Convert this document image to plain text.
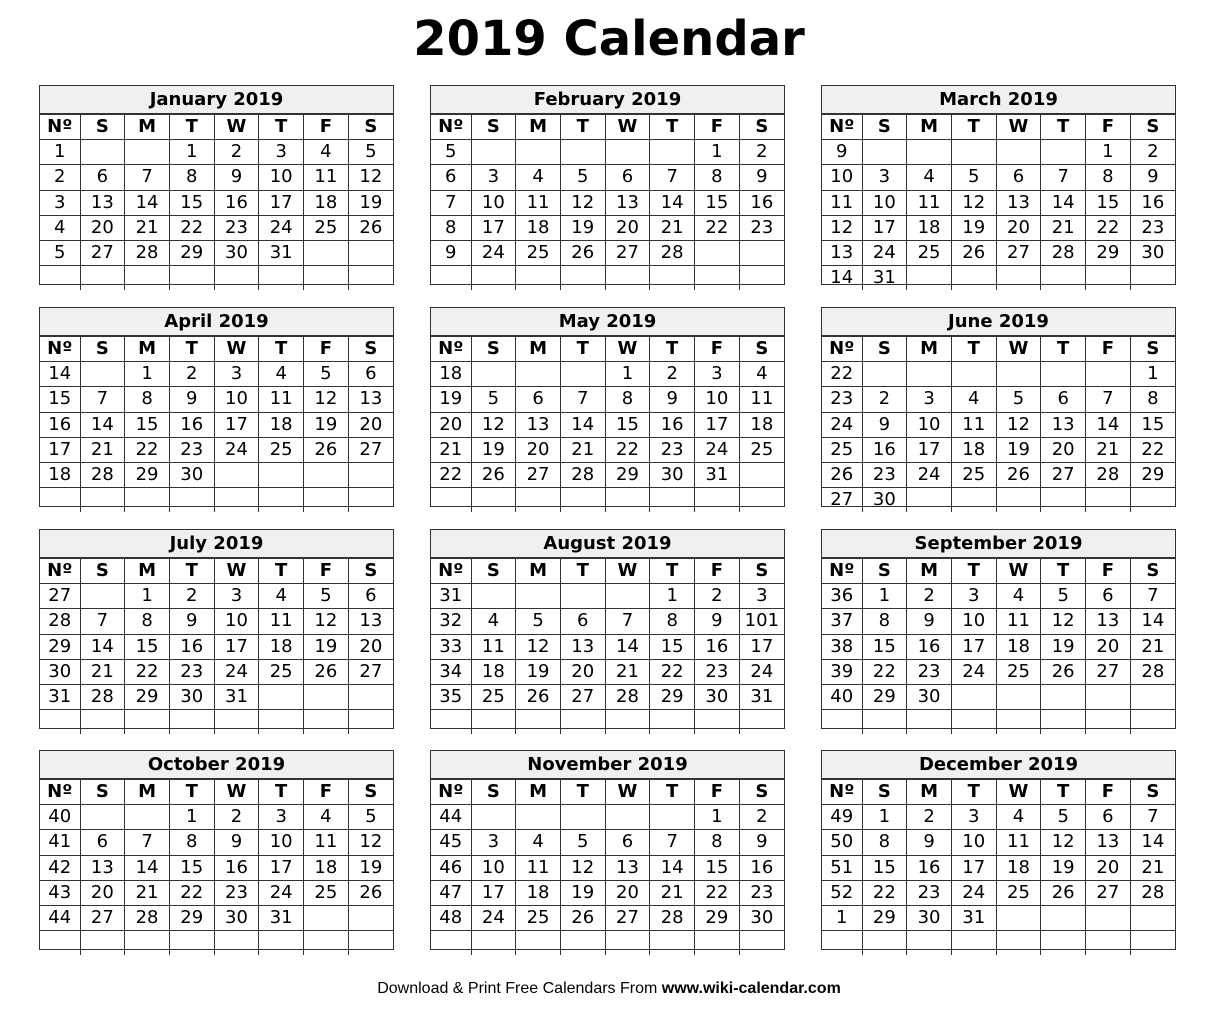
2019 Calendar
January 2019
Nº	S	M	T	W	T	F	S
1			1	2	3	4	5
2	6	7	8	9	10	11	12
3	13	14	15	16	17	18	19
4	20	21	22	23	24	25	26
5	27	28	29	30	31		

February 2019
Nº	S	M	T	W	T	F	S
5						1	2
6	3	4	5	6	7	8	9
7	10	11	12	13	14	15	16
8	17	18	19	20	21	22	23
9	24	25	26	27	28		

March 2019
Nº	S	M	T	W	T	F	S
9						1	2
10	3	4	5	6	7	8	9
11	10	11	12	13	14	15	16
12	17	18	19	20	21	22	23
13	24	25	26	27	28	29	30
14	31						
April 2019
Nº	S	M	T	W	T	F	S
14		1	2	3	4	5	6
15	7	8	9	10	11	12	13
16	14	15	16	17	18	19	20
17	21	22	23	24	25	26	27
18	28	29	30				

May 2019
Nº	S	M	T	W	T	F	S
18				1	2	3	4
19	5	6	7	8	9	10	11
20	12	13	14	15	16	17	18
21	19	20	21	22	23	24	25
22	26	27	28	29	30	31	

June 2019
Nº	S	M	T	W	T	F	S
22							1
23	2	3	4	5	6	7	8
24	9	10	11	12	13	14	15
25	16	17	18	19	20	21	22
26	23	24	25	26	27	28	29
27	30						
July 2019
Nº	S	M	T	W	T	F	S
27		1	2	3	4	5	6
28	7	8	9	10	11	12	13
29	14	15	16	17	18	19	20
30	21	22	23	24	25	26	27
31	28	29	30	31			

August 2019
Nº	S	M	T	W	T	F	S
31					1	2	3
32	4	5	6	7	8	9	101
33	11	12	13	14	15	16	17
34	18	19	20	21	22	23	24
35	25	26	27	28	29	30	31

September 2019
Nº	S	M	T	W	T	F	S
36	1	2	3	4	5	6	7
37	8	9	10	11	12	13	14
38	15	16	17	18	19	20	21
39	22	23	24	25	26	27	28
40	29	30					

October 2019
Nº	S	M	T	W	T	F	S
40			1	2	3	4	5
41	6	7	8	9	10	11	12
42	13	14	15	16	17	18	19
43	20	21	22	23	24	25	26
44	27	28	29	30	31		

November 2019
Nº	S	M	T	W	T	F	S
44						1	2
45	3	4	5	6	7	8	9
46	10	11	12	13	14	15	16
47	17	18	19	20	21	22	23
48	24	25	26	27	28	29	30

December 2019
Nº	S	M	T	W	T	F	S
49	1	2	3	4	5	6	7
50	8	9	10	11	12	13	14
51	15	16	17	18	19	20	21
52	22	23	24	25	26	27	28
1	29	30	31				

Download & Print Free Calendars From www.wiki-calendar.com
